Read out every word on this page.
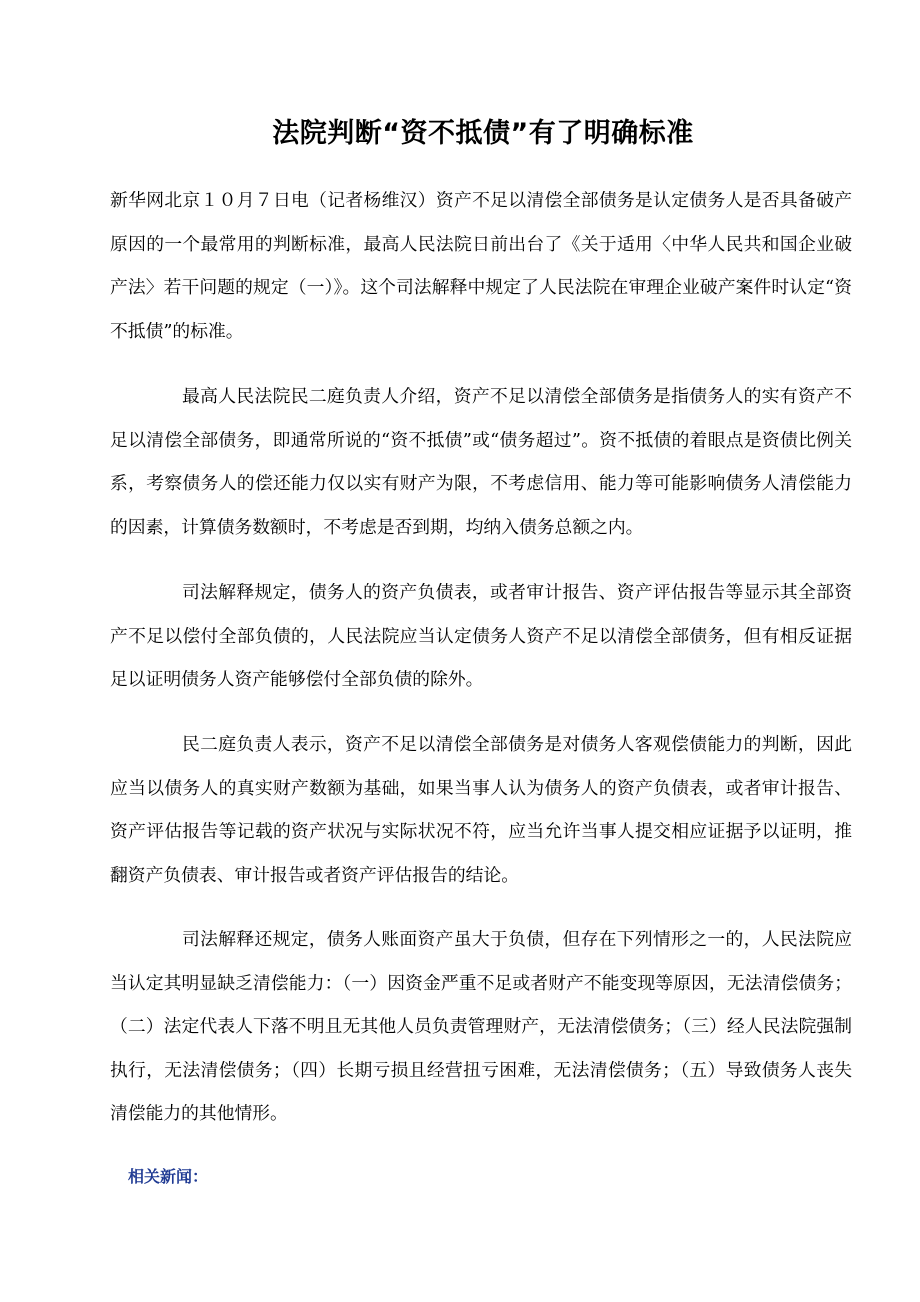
法院判断“资不抵债”有了明确标准

新华网北京１０月７日电（记者杨维汉）资产不足以清偿全部债务是认定债务人是否具备破产原因的一个最常用的判断标准，最高人民法院日前出台了《关于适用〈中华人民共和国企业破产法〉若干问题的规定（一）》。这个司法解释中规定了人民法院在审理企业破产案件时认定“资不抵债”的标准。

最高人民法院民二庭负责人介绍，资产不足以清偿全部债务是指债务人的实有资产不足以清偿全部债务，即通常所说的“资不抵债”或“债务超过”。资不抵债的着眼点是资债比例关系，考察债务人的偿还能力仅以实有财产为限，不考虑信用、能力等可能影响债务人清偿能力的因素，计算债务数额时，不考虑是否到期，均纳入债务总额之内。

司法解释规定，债务人的资产负债表，或者审计报告、资产评估报告等显示其全部资产不足以偿付全部负债的，人民法院应当认定债务人资产不足以清偿全部债务，但有相反证据足以证明债务人资产能够偿付全部负债的除外。

民二庭负责人表示，资产不足以清偿全部债务是对债务人客观偿债能力的判断，因此应当以债务人的真实财产数额为基础，如果当事人认为债务人的资产负债表，或者审计报告、资产评估报告等记载的资产状况与实际状况不符，应当允许当事人提交相应证据予以证明，推翻资产负债表、审计报告或者资产评估报告的结论。

司法解释还规定，债务人账面资产虽大于负债，但存在下列情形之一的，人民法院应当认定其明显缺乏清偿能力：（一）因资金严重不足或者财产不能变现等原因，无法清偿债务；（二）法定代表人下落不明且无其他人员负责管理财产，无法清偿债务；（三）经人民法院强制执行，无法清偿债务；（四）长期亏损且经营扭亏困难，无法清偿债务；（五）导致债务人丧失清偿能力的其他情形。

相关新闻：
